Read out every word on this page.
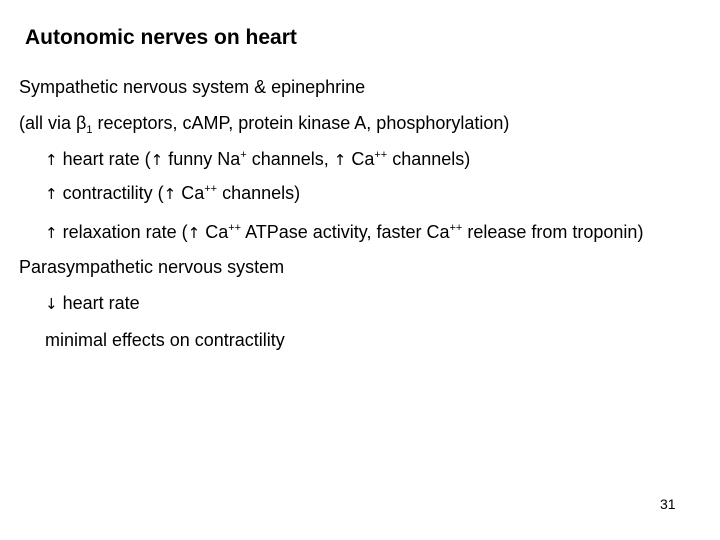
Autonomic nerves on heart
Sympathetic nervous system & epinephrine
(all via $\beta_1$ receptors, cAMP, protein kinase A, phosphorylation)
↑ heart rate (↑ funny Na+ channels, ↑ Ca++ channels)
↑ contractility (↑ Ca++ channels)
↑ relaxation rate (↑ Ca++ ATPase activity, faster Ca++ release from troponin)
Parasympathetic nervous system
↓ heart rate
minimal effects on contractility
31
